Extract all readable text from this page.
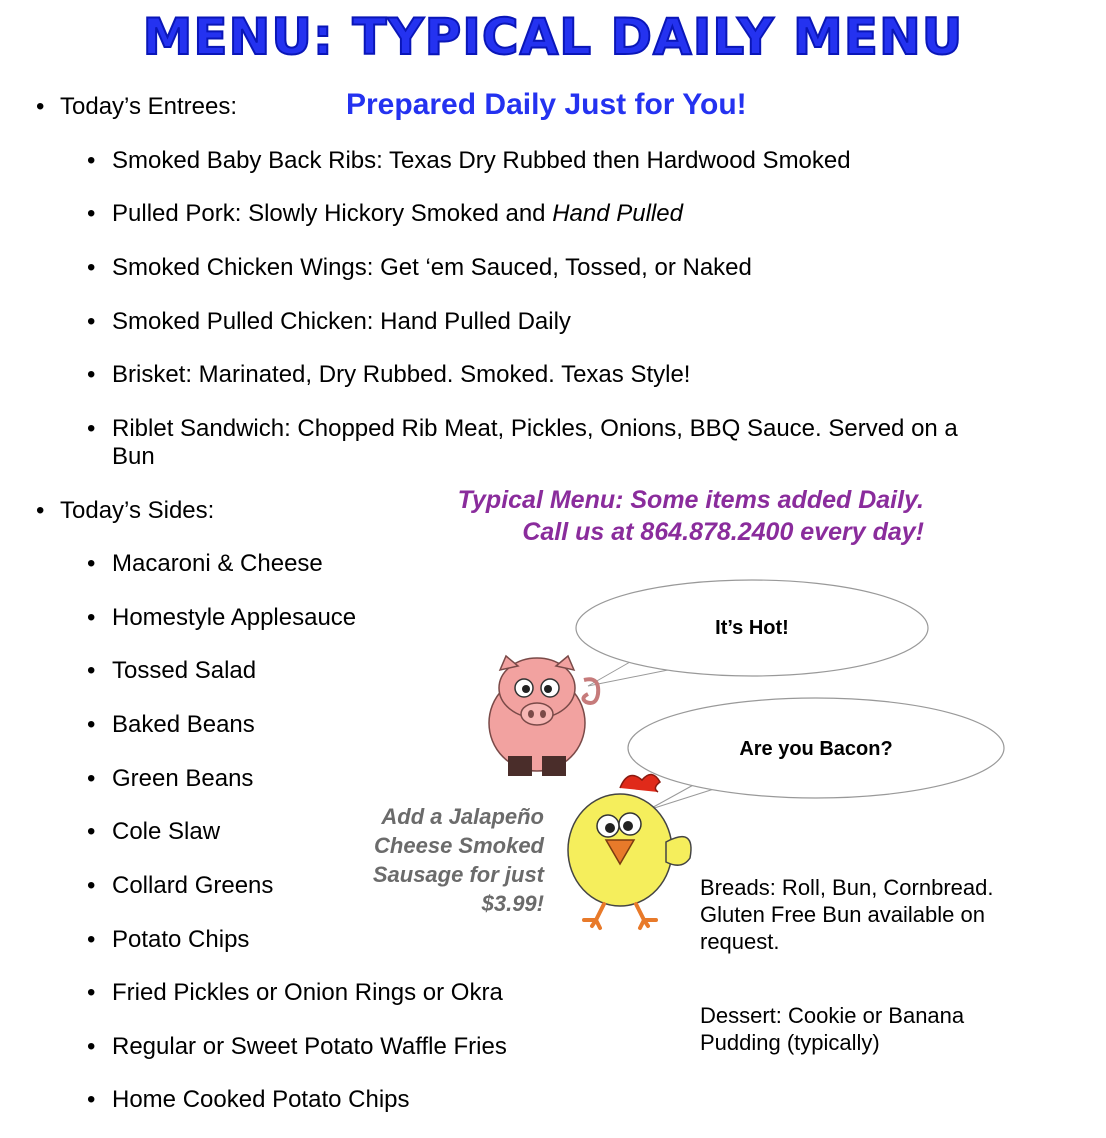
MENU: TYPICAL DAILY MENU
Prepared Daily Just for You!
• Today’s Entrees:
• Smoked Baby Back Ribs: Texas Dry Rubbed then Hardwood Smoked
• Pulled Pork: Slowly Hickory Smoked and Hand Pulled
• Smoked Chicken Wings: Get ‘em Sauced, Tossed, or Naked
• Smoked Pulled Chicken: Hand Pulled Daily
• Brisket: Marinated, Dry Rubbed. Smoked. Texas Style!
• Riblet Sandwich: Chopped Rib Meat, Pickles, Onions, BBQ Sauce. Served on a Bun
• Today’s Sides:
• Macaroni & Cheese
• Homestyle Applesauce
• Tossed Salad
• Baked Beans
• Green Beans
• Cole Slaw
• Collard Greens
• Potato Chips
• Fried Pickles or Onion Rings or Okra
• Regular or Sweet Potato Waffle Fries
• Home Cooked Potato Chips
Typical Menu: Some items added Daily.
Call us at 864.878.2400 every day!
It’s Hot!
Are you Bacon?
Add a Jalapeño
Cheese Smoked
Sausage for just
$3.99!
Breads: Roll, Bun, Cornbread. Gluten Free Bun available on request.
Dessert: Cookie or Banana Pudding (typically)
